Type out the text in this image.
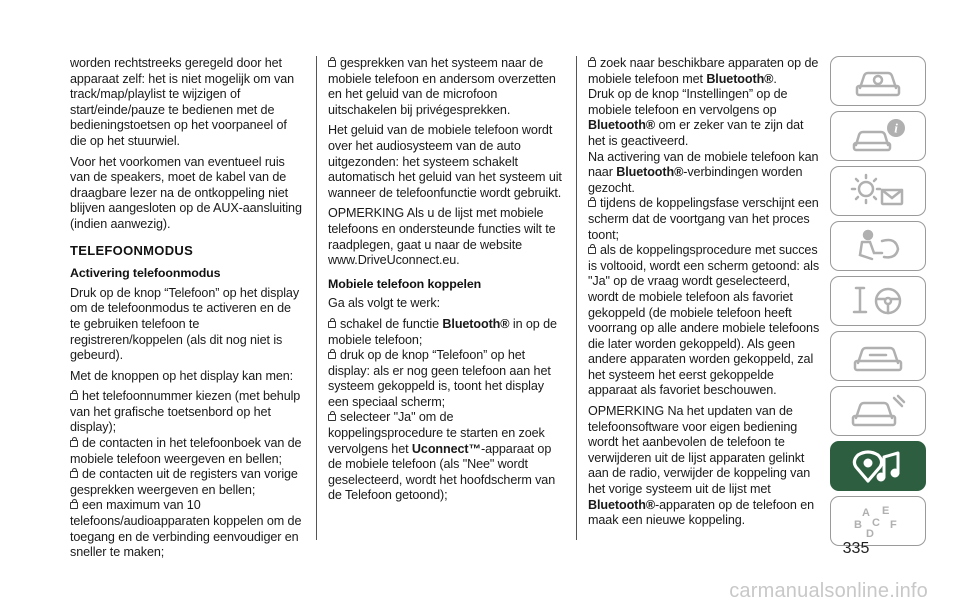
worden rechtstreeks geregeld door het apparaat zelf: het is niet mogelijk om van track/map/playlist te wijzigen of start/einde/pauze te bedienen met de bedieningstoetsen op het voorpaneel of die op het stuurwiel.

Voor het voorkomen van eventueel ruis van de speakers, moet de kabel van de draagbare lezer na de ontkoppeling niet blijven aangesloten op de AUX-aansluiting (indien aanwezig).

TELEFOONMODUS
Activering telefoonmodus

Druk op de knop “Telefoon” op het display om de telefoonmodus te activeren en de te gebruiken telefoon te registreren/koppelen (als dit nog niet is gebeurd).

Met de knoppen op het display kan men:

het telefoonnummer kiezen (met behulp van het grafische toetsenbord op het display);
de contacten in het telefoonboek van de mobiele telefoon weergeven en bellen;
de contacten uit de registers van vorige gesprekken weergeven en bellen;
een maximum van 10 telefoons/audioapparaten koppelen om de toegang en de verbinding eenvoudiger en sneller te maken;
gesprekken van het systeem naar de mobiele telefoon en andersom overzetten en het geluid van de microfoon uitschakelen bij privégesprekken.

Het geluid van de mobiele telefoon wordt over het audiosysteem van de auto uitgezonden: het systeem schakelt automatisch het geluid van het systeem uit wanneer de telefoonfunctie wordt gebruikt.

OPMERKING Als u de lijst met mobiele telefoons en ondersteunde functies wilt te raadplegen, gaat u naar de website www.DriveUconnect.eu.

Mobiele telefoon koppelen

Ga als volgt te werk:

schakel de functie Bluetooth® in op de mobiele telefoon;
druk op de knop “Telefoon” op het display: als er nog geen telefoon aan het systeem gekoppeld is, toont het display een speciaal scherm;
selecteer "Ja" om de koppelingsprocedure te starten en zoek vervolgens het Uconnect™-apparaat op de mobiele telefoon (als "Nee" wordt geselecteerd, wordt het hoofdscherm van de Telefoon getoond);
zoek naar beschikbare apparaten op de mobiele telefoon met Bluetooth®.
Druk op de knop “Instellingen” op de mobiele telefoon en vervolgens op Bluetooth® om er zeker van te zijn dat het is geactiveerd.
Na activering van de mobiele telefoon kan naar Bluetooth®-verbindingen worden gezocht.
tijdens de koppelingsfase verschijnt een scherm dat de voortgang van het proces toont;
als de koppelingsprocedure met succes is voltooid, wordt een scherm getoond: als "Ja" op de vraag wordt geselecteerd, wordt de mobiele telefoon als favoriet gekoppeld (de mobiele telefoon heeft voorrang op alle andere mobiele telefoons die later worden gekoppeld). Als geen andere apparaten worden gekoppeld, zal het systeem het eerst gekoppelde apparaat als favoriet beschouwen.

OPMERKING Na het updaten van de telefoonsoftware voor eigen bediening wordt het aanbevolen de telefoon te verwijderen uit de lijst apparaten gelinkt aan de radio, verwijder de koppeling van het vorige systeem uit de lijst met Bluetooth®-apparaten op de telefoon en maak een nieuwe koppeling.

i
A E
B C F
D
335
carmanualsonline.info
